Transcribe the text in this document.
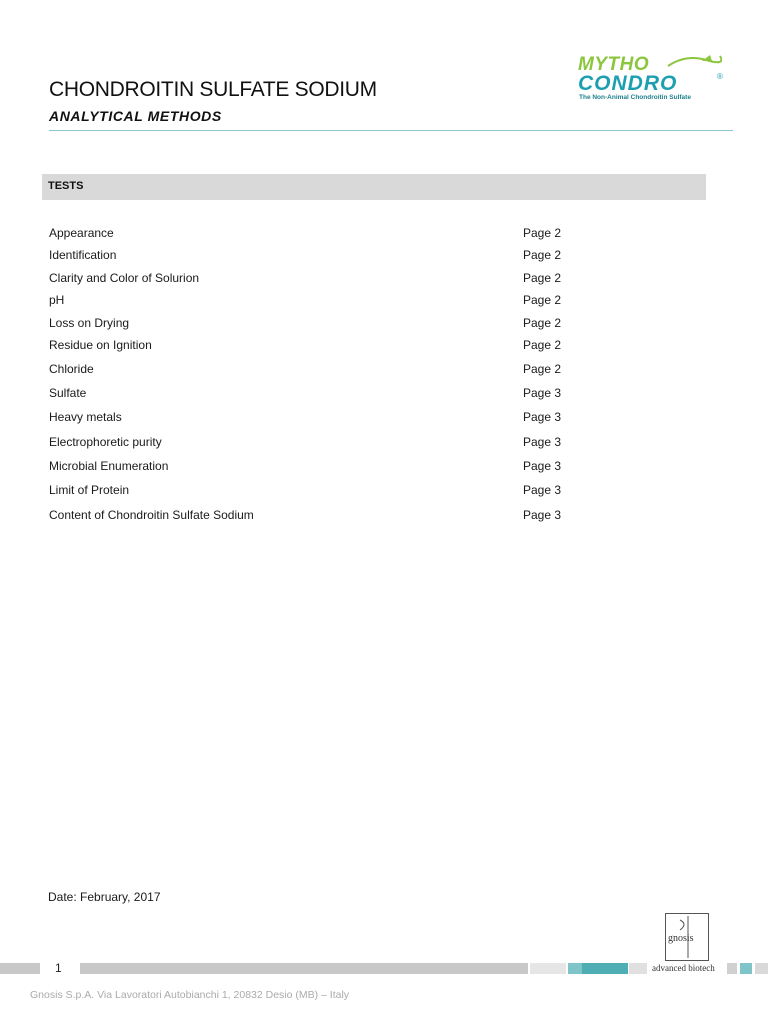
CHONDROITIN SULFATE SODIUM
ANALYTICAL METHODS
MYTHO
CONDRO	®
The Non-Animal Chondroitin Sulfate
TESTS
Appearance	Page 2
Identification	Page 2
Clarity and Color of Solurion	Page 2
pH	Page 2
Loss on Drying	Page 2
Residue on Ignition	Page 2
Chloride	Page 2
Sulfate	Page 3
Heavy metals	Page 3
Electrophoretic purity	Page 3
Microbial Enumeration	Page 3
Limit of Protein	Page 3
Content of Chondroitin Sulfate Sodium	Page 3
Date: February, 2017
1
gnosis
advanced biotech
Gnosis S.p.A. Via Lavoratori Autobianchi 1, 20832 Desio (MB) – Italy
